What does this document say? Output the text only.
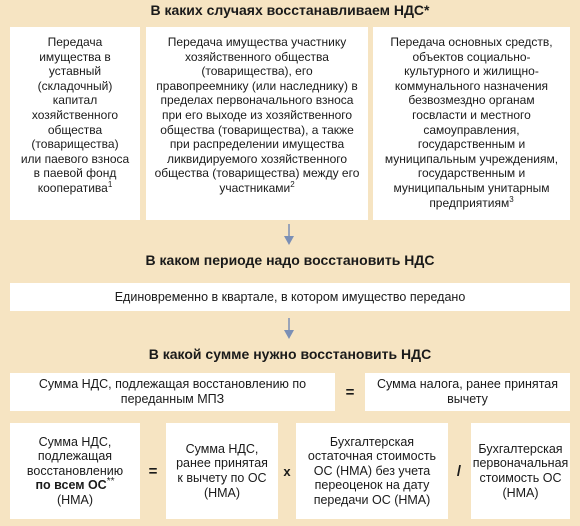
В каких случаях восстанавливаем НДС*
Передача имущества в уставный (складочный) капитал хозяйственного общества (товарищества) или паевого взноса в паевой фонд кооператива$^1$
Передача имущества участнику хозяйственного общества (товарищества), его правопреемнику (или наследнику) в пределах первоначального взноса при его выходе из хозяйственного общества (товарищества), а также при распределении имущества ликвидируемого хозяйственного общества (товарищества) между его участниками$^2$
Передача основных средств, объектов социально-культурного и жилищно-коммунального назначения безвозмездно органам госвласти и местного самоуправления, государственным и муниципальным учреждениям, государственным и муниципальным унитарным предприятиям$^3$
В каком периоде надо восстановить НДС
Единовременно в квартале, в котором имущество передано
В какой сумме нужно восстановить НДС
Сумма НДС, подлежащая восстановлению по переданным МПЗ	=	Сумма налога, ранее принятая вычету
Сумма НДС, подлежащая восстановлению по всем ОС** (НМА)
=
Сумма НДС, ранее принятая к вычету по ОС (НМА)
х
Бухгалтерская остаточная стоимость ОС (НМА) без учета переоценок на дату передачи ОС (НМА)
/
Бухгалтерская первоначальная стоимость ОС (НМА)
